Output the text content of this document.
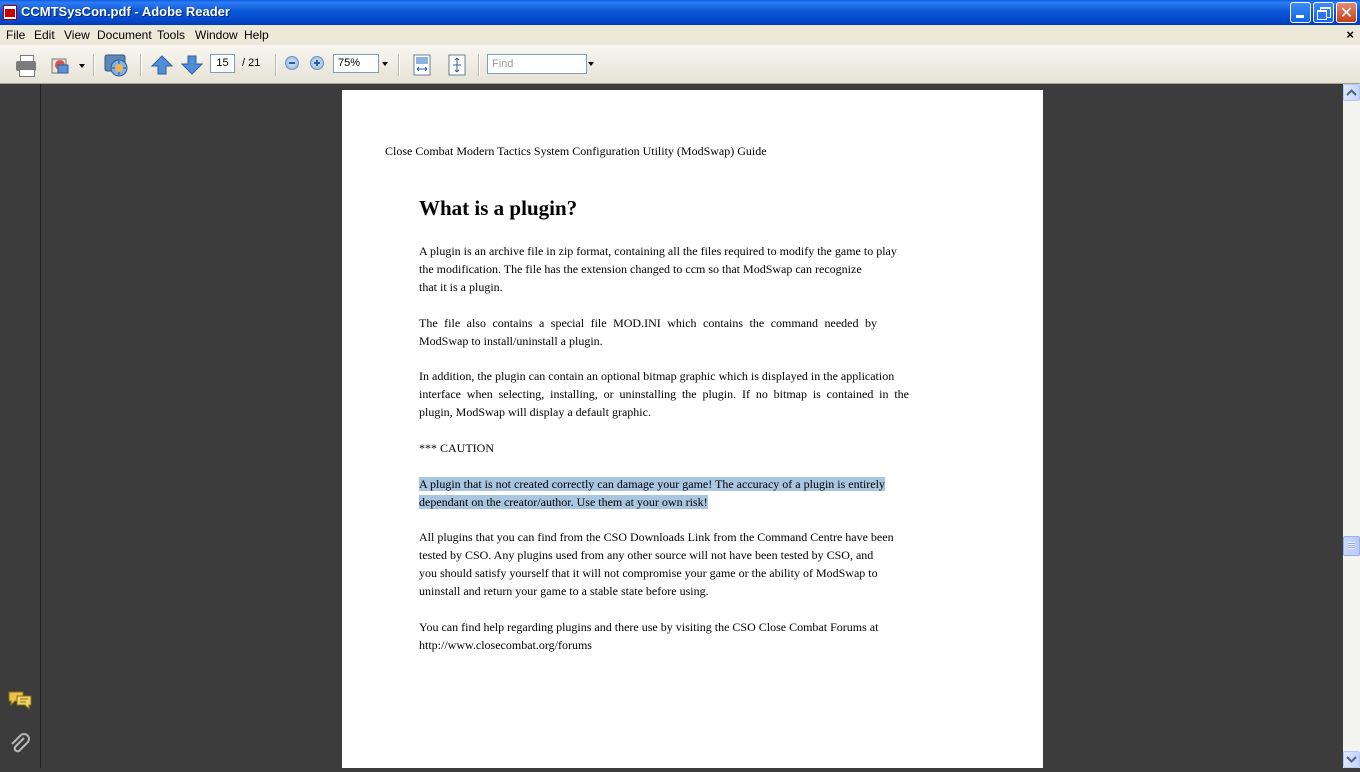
CCMTSysCon.pdf - Adobe Reader	✕
File Edit View Document Tools Window Help	×
15	/ 21	75%	Find
Close Combat Modern Tactics System Configuration Utility (ModSwap) Guide
What is a plugin?
A plugin is an archive file in zip format, containing all the files required to modify the game to play
the modification. The file has the extension changed to ccm so that ModSwap can recognize
that it is a plugin.
The file also contains a special file MOD.INI which contains the command needed by
ModSwap to install/uninstall a plugin.
In addition, the plugin can contain an optional bitmap graphic which is displayed in the application
interface when selecting, installing, or uninstalling the plugin. If no bitmap is contained in the
plugin, ModSwap will display a default graphic.
*** CAUTION
A plugin that is not created correctly can damage your game! The accuracy of a plugin is entirely
dependant on the creator/author. Use them at your own risk!
All plugins that you can find from the CSO Downloads Link from the Command Centre have been
tested by CSO. Any plugins used from any other source will not have been tested by CSO, and
you should satisfy yourself that it will not compromise your game or the ability of ModSwap to
uninstall and return your game to a stable state before using.
You can find help regarding plugins and there use by visiting the CSO Close Combat Forums at
http://www.closecombat.org/forums
